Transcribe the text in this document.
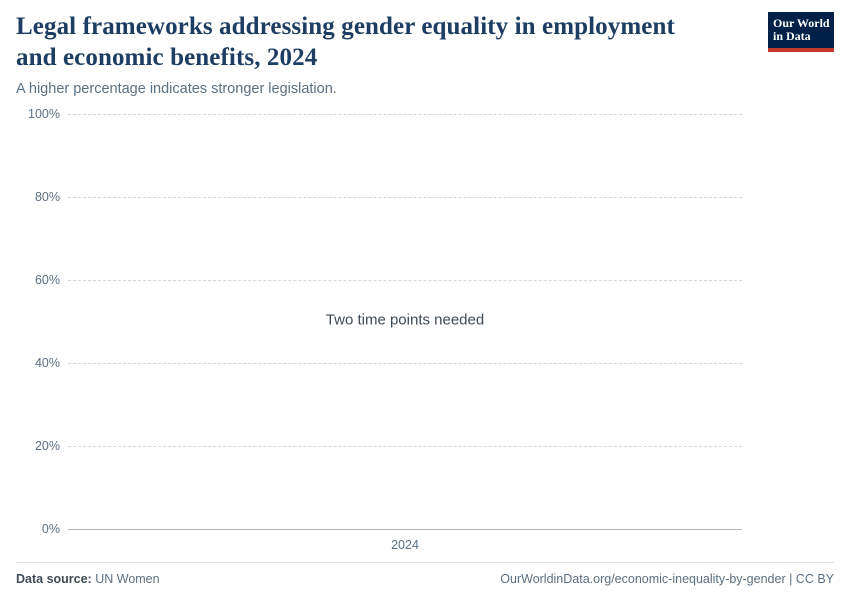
Legal frameworks addressing gender equality in employment and economic benefits, 2024

A higher percentage indicates stronger legislation.

Our World
in Data
100%
80%
60%
40%
20%
0%
Two time points needed
2024
Data source: UN Women	OurWorldinData.org/economic-inequality-by-gender | CC BY
